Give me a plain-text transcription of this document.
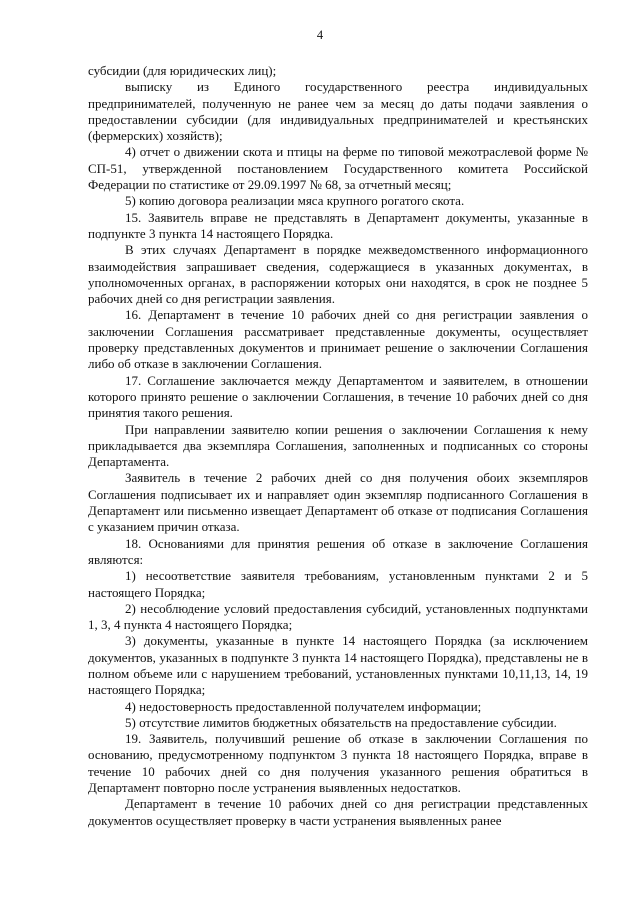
4

субсидии (для юридических лиц);

выписку из Единого государственного реестра индивидуальных предпринимателей, полученную не ранее чем за месяц до даты подачи заявления о предоставлении субсидии (для индивидуальных предпринимателей и крестьянских (фермерских) хозяйств);

4) отчет о движении скота и птицы на ферме по типовой межотраслевой форме № СП-51, утвержденной постановлением Государственного комитета Российской Федерации по статистике от 29.09.1997 № 68, за отчетный месяц;

5) копию договора реализации мяса крупного рогатого скота.

15. Заявитель вправе не представлять в Департамент документы, указанные в подпункте 3 пункта 14 настоящего Порядка.

В этих случаях Департамент в порядке межведомственного информационного взаимодействия запрашивает сведения, содержащиеся в указанных документах, в уполномоченных органах, в распоряжении которых они находятся, в срок не позднее 5 рабочих дней со дня регистрации заявления.

16. Департамент в течение 10 рабочих дней со дня регистрации заявления о заключении Соглашения рассматривает представленные документы, осуществляет проверку представленных документов и принимает решение о заключении Соглашения либо об отказе в заключении Соглашения.

17. Соглашение заключается между Департаментом и заявителем, в отношении которого принято решение о заключении Соглашения, в течение 10 рабочих дней со дня принятия такого решения.

При направлении заявителю копии решения о заключении Соглашения к нему прикладывается два экземпляра Соглашения, заполненных и подписанных со стороны Департамента.

Заявитель в течение 2 рабочих дней со дня получения обоих экземпляров Соглашения подписывает их и направляет один экземпляр подписанного Соглашения в Департамент или письменно извещает Департамент об отказе от подписания Соглашения с указанием причин отказа.

18. Основаниями для принятия решения об отказе в заключение Соглашения являются:

1) несоответствие заявителя требованиям, установленным пунктами 2 и 5 настоящего Порядка;

2) несоблюдение условий предоставления субсидий, установленных подпунктами 1, 3, 4 пункта 4 настоящего Порядка;

3) документы, указанные в пункте 14 настоящего Порядка (за исключением документов, указанных в подпункте 3 пункта 14 настоящего Порядка), представлены не в полном объеме или с нарушением требований, установленных пунктами 10,11,13, 14, 19 настоящего Порядка;

4) недостоверность предоставленной получателем информации;

5) отсутствие лимитов бюджетных обязательств на предоставление субсидии.

19. Заявитель, получивший решение об отказе в заключении Соглашения по основанию, предусмотренному подпунктом 3 пункта 18 настоящего Порядка, вправе в течение 10 рабочих дней со дня получения указанного решения обратиться в Департамент повторно после устранения выявленных недостатков.

Департамент в течение 10 рабочих дней со дня регистрации представленных документов осуществляет проверку в части устранения выявленных ранее
